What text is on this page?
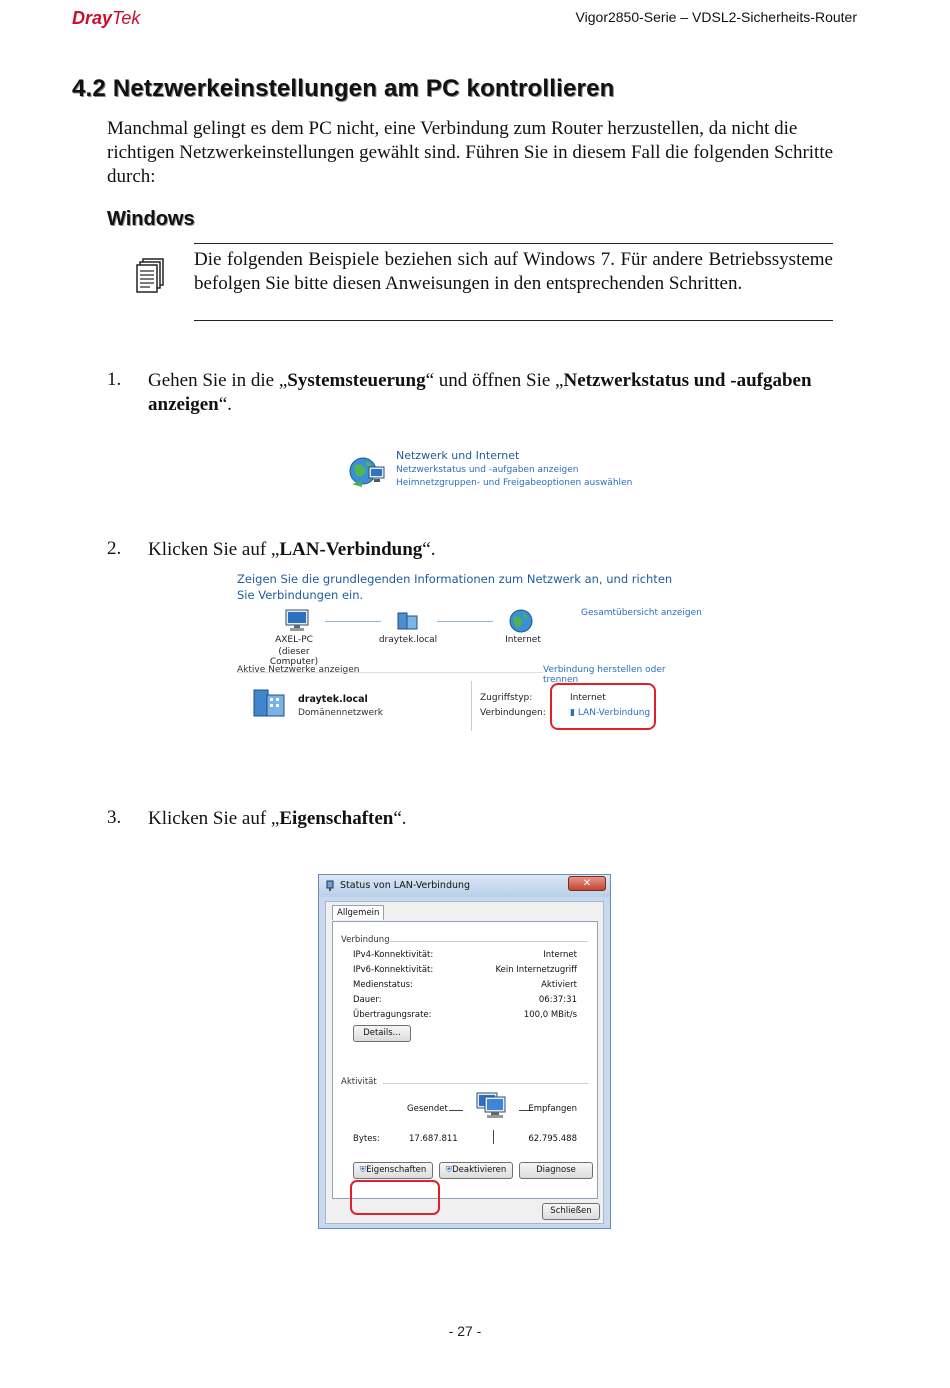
DrayTek	Vigor2850-Serie – VDSL2-Sicherheits-Router
4.2 Netzwerkeinstellungen am PC kontrollieren
Manchmal gelingt es dem PC nicht, eine Verbindung zum Router herzustellen, da nicht die richtigen Netzwerkeinstellungen gewählt sind. Führen Sie in diesem Fall die folgenden Schritte durch:
Windows
Die folgenden Beispiele beziehen sich auf Windows 7. Für andere Betriebssysteme befolgen Sie bitte diesen Anweisungen in den entsprechenden Schritten.
1. Gehen Sie in die „Systemsteuerung“ und öffnen Sie „Netzwerkstatus und -aufgaben anzeigen“.
Netzwerk und Internet
Netzwerkstatus und -aufgaben anzeigen
Heimnetzgruppen- und Freigabeoptionen auswählen
2. Klicken Sie auf „LAN-Verbindung“.
Zeigen Sie die grundlegenden Informationen zum Netzwerk an, und richten Sie Verbindungen ein.
Gesamtübersicht anzeigen
AXEL-PC
(dieser Computer)
draytek.local	Internet
Aktive Netzwerke anzeigen	Verbindung herstellen oder trennen
draytek.local
Domänennetzwerk
Zugriffstyp:
Verbindungen:
Internet
▮ LAN-Verbindung
3. Klicken Sie auf „Eigenschaften“.
Status von LAN-Verbindung	✕
Allgemein
Verbindung
IPv4-Konnektivität:	Internet
IPv6-Konnektivität:	Kein Internetzugriff
Medienstatus:	Aktiviert
Dauer:	06:37:31
Übertragungsrate:	100,0 MBit/s
Details...
Aktivität
Gesendet	Empfangen
Bytes:	17.687.811	62.795.488
⛨Eigenschaften	⛨Deaktivieren	Diagnose
Schließen
- 27 -
